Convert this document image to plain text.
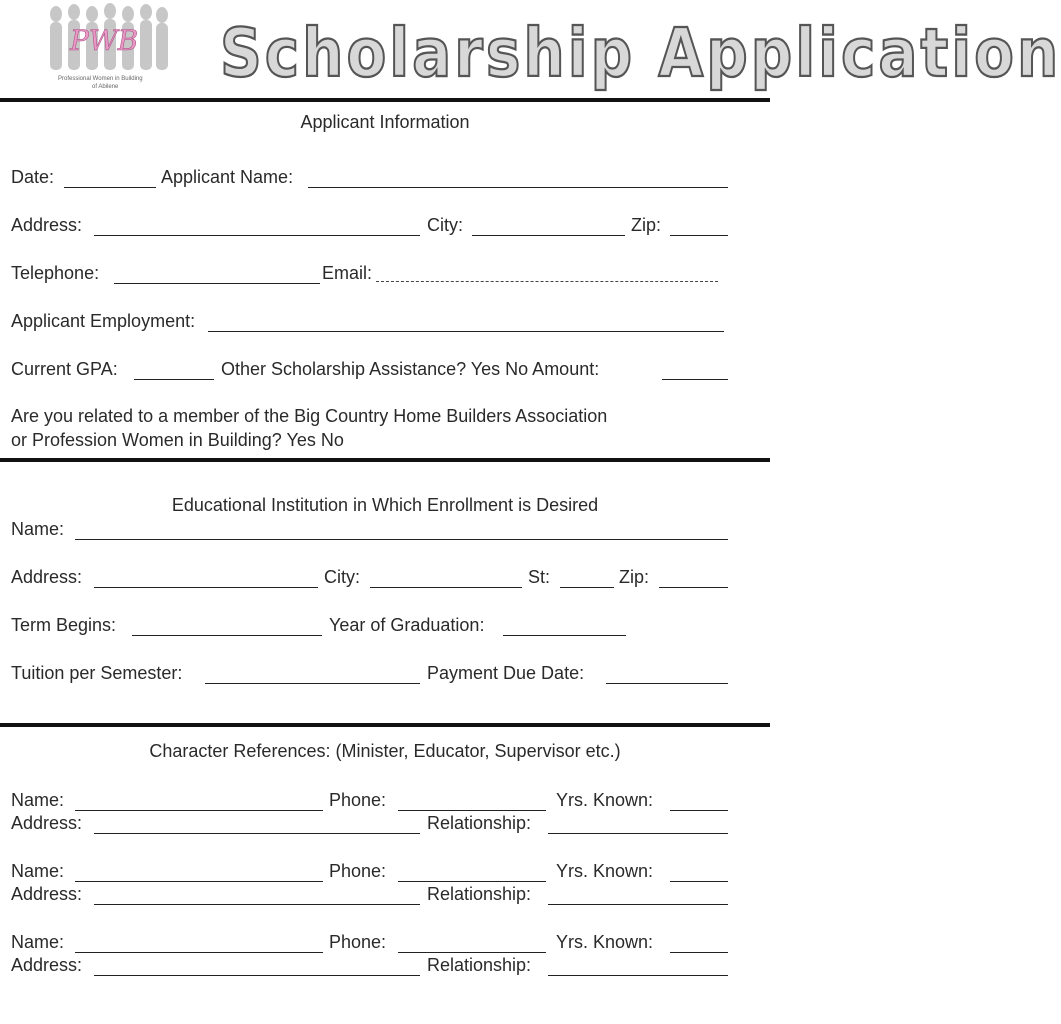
PWB
Professional Women in Building
of Abilene Scholarship Application
Applicant Information
Date:	Applicant Name:
Address:	City:	Zip:
Telephone:	Email:
Applicant Employment:
Current GPA:	Other Scholarship Assistance? Yes No Amount:
Are you related to a member of the Big Country Home Builders Association
or Profession Women in Building? Yes No
Educational Institution in Which Enrollment is Desired
Name:
Address:	City:	St:	Zip:
Term Begins:	Year of Graduation:
Tuition per Semester:	Payment Due Date:
Character References: (Minister, Educator, Supervisor etc.)
Name:	Phone:	Yrs. Known:
Address:	Relationship:
Name:	Phone:	Yrs. Known:
Address:	Relationship:
Name:	Phone:	Yrs. Known:
Address:	Relationship:
